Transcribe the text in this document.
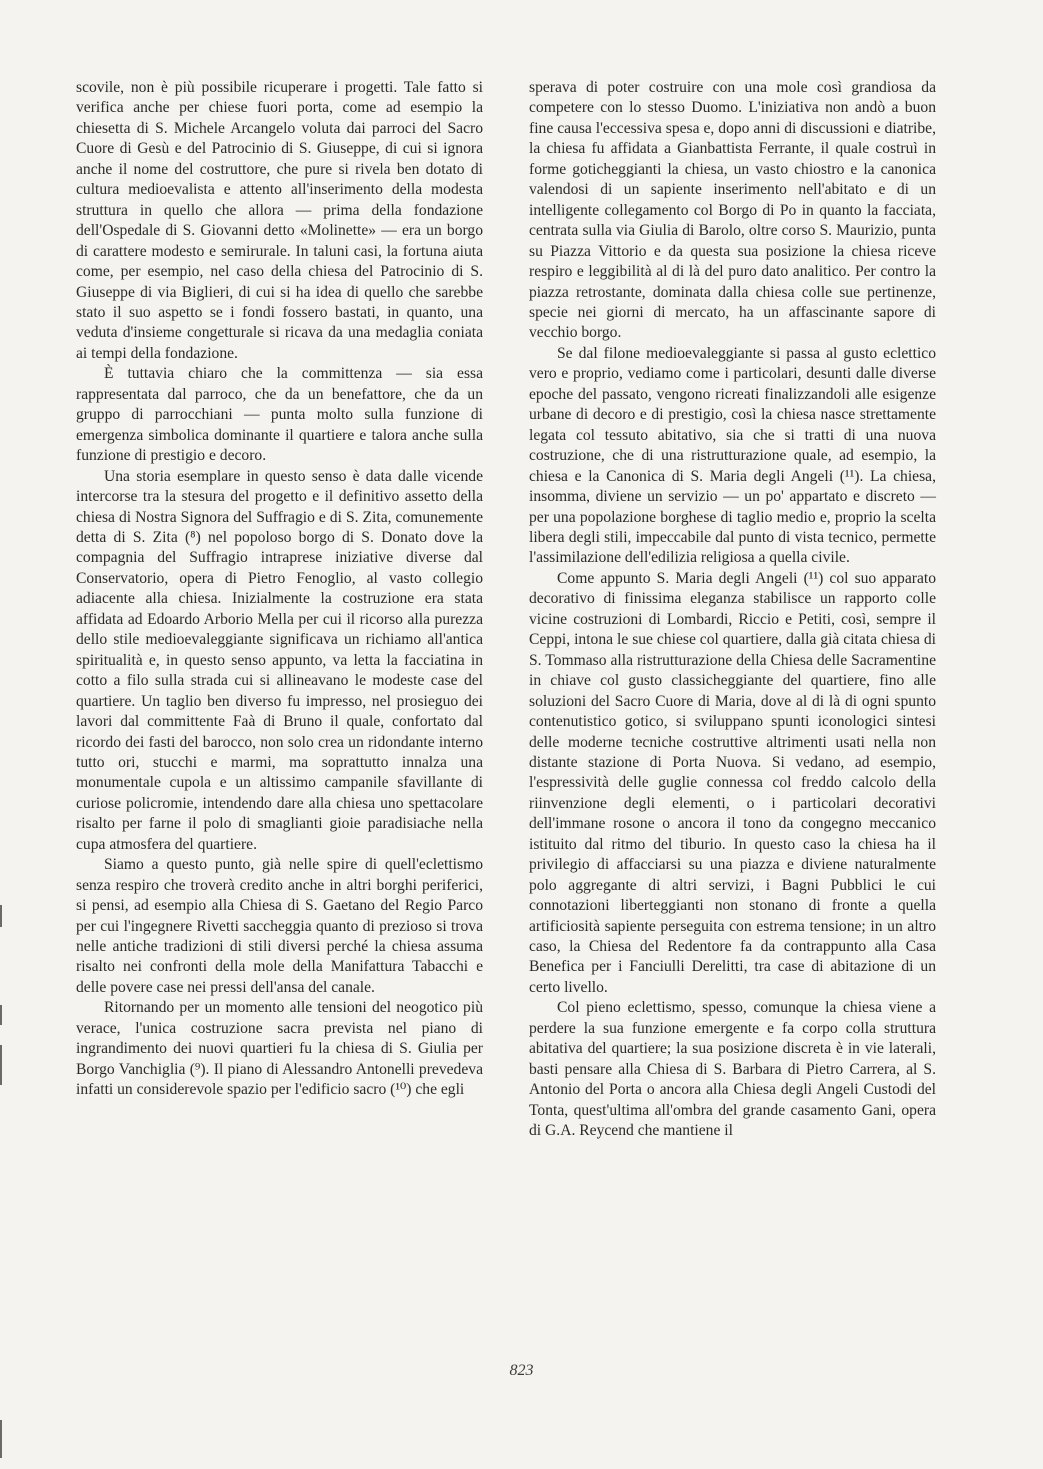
scovile, non è più possibile ricuperare i progetti. Tale fatto si verifica anche per chiese fuori porta, come ad esempio la chiesetta di S. Michele Arcangelo voluta dai parroci del Sacro Cuore di Gesù e del Patrocinio di S. Giuseppe, di cui si ignora anche il nome del costruttore, che pure si rivela ben dotato di cultura medioevalista e attento all'inserimento della modesta struttura in quello che allora — prima della fondazione dell'Ospedale di S. Giovanni detto «Molinette» — era un borgo di carattere modesto e semirurale. In taluni casi, la fortuna aiuta come, per esempio, nel caso della chiesa del Patrocinio di S. Giuseppe di via Biglieri, di cui si ha idea di quello che sarebbe stato il suo aspetto se i fondi fossero bastati, in quanto, una veduta d'insieme congetturale si ricava da una medaglia coniata ai tempi della fondazione.

È tuttavia chiaro che la committenza — sia essa rappresentata dal parroco, che da un benefattore, che da un gruppo di parrocchiani — punta molto sulla funzione di emergenza simbolica dominante il quartiere e talora anche sulla funzione di prestigio e decoro.

Una storia esemplare in questo senso è data dalle vicende intercorse tra la stesura del progetto e il definitivo assetto della chiesa di Nostra Signora del Suffragio e di S. Zita, comunemente detta di S. Zita (⁸) nel popoloso borgo di S. Donato dove la compagnia del Suffragio intraprese iniziative diverse dal Conservatorio, opera di Pietro Fenoglio, al vasto collegio adiacente alla chiesa. Inizialmente la costruzione era stata affidata ad Edoardo Arborio Mella per cui il ricorso alla purezza dello stile medioevaleggiante significava un richiamo all'antica spiritualità e, in questo senso appunto, va letta la facciatina in cotto a filo sulla strada cui si allineavano le modeste case del quartiere. Un taglio ben diverso fu impresso, nel prosieguo dei lavori dal committente Faà di Bruno il quale, confortato dal ricordo dei fasti del barocco, non solo crea un ridondante interno tutto ori, stucchi e marmi, ma soprattutto innalza una monumentale cupola e un altissimo campanile sfavillante di curiose policromie, intendendo dare alla chiesa uno spettacolare risalto per farne il polo di smaglianti gioie paradisiache nella cupa atmosfera del quartiere.

Siamo a questo punto, già nelle spire di quell'eclettismo senza respiro che troverà credito anche in altri borghi periferici, si pensi, ad esempio alla Chiesa di S. Gaetano del Regio Parco per cui l'ingegnere Rivetti saccheggia quanto di prezioso si trova nelle antiche tradizioni di stili diversi perché la chiesa assuma risalto nei confronti della mole della Manifattura Tabacchi e delle povere case nei pressi dell'ansa del canale.

Ritornando per un momento alle tensioni del neogotico più verace, l'unica costruzione sacra prevista nel piano di ingrandimento dei nuovi quartieri fu la chiesa di S. Giulia per Borgo Vanchiglia (⁹). Il piano di Alessandro Antonelli prevedeva infatti un considerevole spazio per l'edificio sacro (¹⁰) che egli

sperava di poter costruire con una mole così grandiosa da competere con lo stesso Duomo. L'iniziativa non andò a buon fine causa l'eccessiva spesa e, dopo anni di discussioni e diatribe, la chiesa fu affidata a Gianbattista Ferrante, il quale costruì in forme goticheggianti la chiesa, un vasto chiostro e la canonica valendosi di un sapiente inserimento nell'abitato e di un intelligente collegamento col Borgo di Po in quanto la facciata, centrata sulla via Giulia di Barolo, oltre corso S. Maurizio, punta su Piazza Vittorio e da questa sua posizione la chiesa riceve respiro e leggibilità al di là del puro dato analitico. Per contro la piazza retrostante, dominata dalla chiesa colle sue pertinenze, specie nei giorni di mercato, ha un affascinante sapore di vecchio borgo.

Se dal filone medioevaleggiante si passa al gusto eclettico vero e proprio, vediamo come i particolari, desunti dalle diverse epoche del passato, vengono ricreati finalizzandoli alle esigenze urbane di decoro e di prestigio, così la chiesa nasce strettamente legata col tessuto abitativo, sia che si tratti di una nuova costruzione, che di una ristrutturazione quale, ad esempio, la chiesa e la Canonica di S. Maria degli Angeli (¹¹). La chiesa, insomma, diviene un servizio — un po' appartato e discreto — per una popolazione borghese di taglio medio e, proprio la scelta libera degli stili, impeccabile dal punto di vista tecnico, permette l'assimilazione dell'edilizia religiosa a quella civile.

Come appunto S. Maria degli Angeli (¹¹) col suo apparato decorativo di finissima eleganza stabilisce un rapporto colle vicine costruzioni di Lombardi, Riccio e Petiti, così, sempre il Ceppi, intona le sue chiese col quartiere, dalla già citata chiesa di S. Tommaso alla ristrutturazione della Chiesa delle Sacramentine in chiave col gusto classicheggiante del quartiere, fino alle soluzioni del Sacro Cuore di Maria, dove al di là di ogni spunto contenutistico gotico, si sviluppano spunti iconologici sintesi delle moderne tecniche costruttive altrimenti usati nella non distante stazione di Porta Nuova. Si vedano, ad esempio, l'espressività delle guglie connessa col freddo calcolo della riinvenzione degli elementi, o i particolari decorativi dell'immane rosone o ancora il tono da congegno meccanico istituito dal ritmo del tiburio. In questo caso la chiesa ha il privilegio di affacciarsi su una piazza e diviene naturalmente polo aggregante di altri servizi, i Bagni Pubblici le cui connotazioni liberteggianti non stonano di fronte a quella artificiosità sapiente perseguita con estrema tensione; in un altro caso, la Chiesa del Redentore fa da contrappunto alla Casa Benefica per i Fanciulli Derelitti, tra case di abitazione di un certo livello.

Col pieno eclettismo, spesso, comunque la chiesa viene a perdere la sua funzione emergente e fa corpo colla struttura abitativa del quartiere; la sua posizione discreta è in vie laterali, basti pensare alla Chiesa di S. Barbara di Pietro Carrera, al S. Antonio del Porta o ancora alla Chiesa degli Angeli Custodi del Tonta, quest'ultima all'ombra del grande casamento Gani, opera di G.A. Reycend che mantiene il

823
